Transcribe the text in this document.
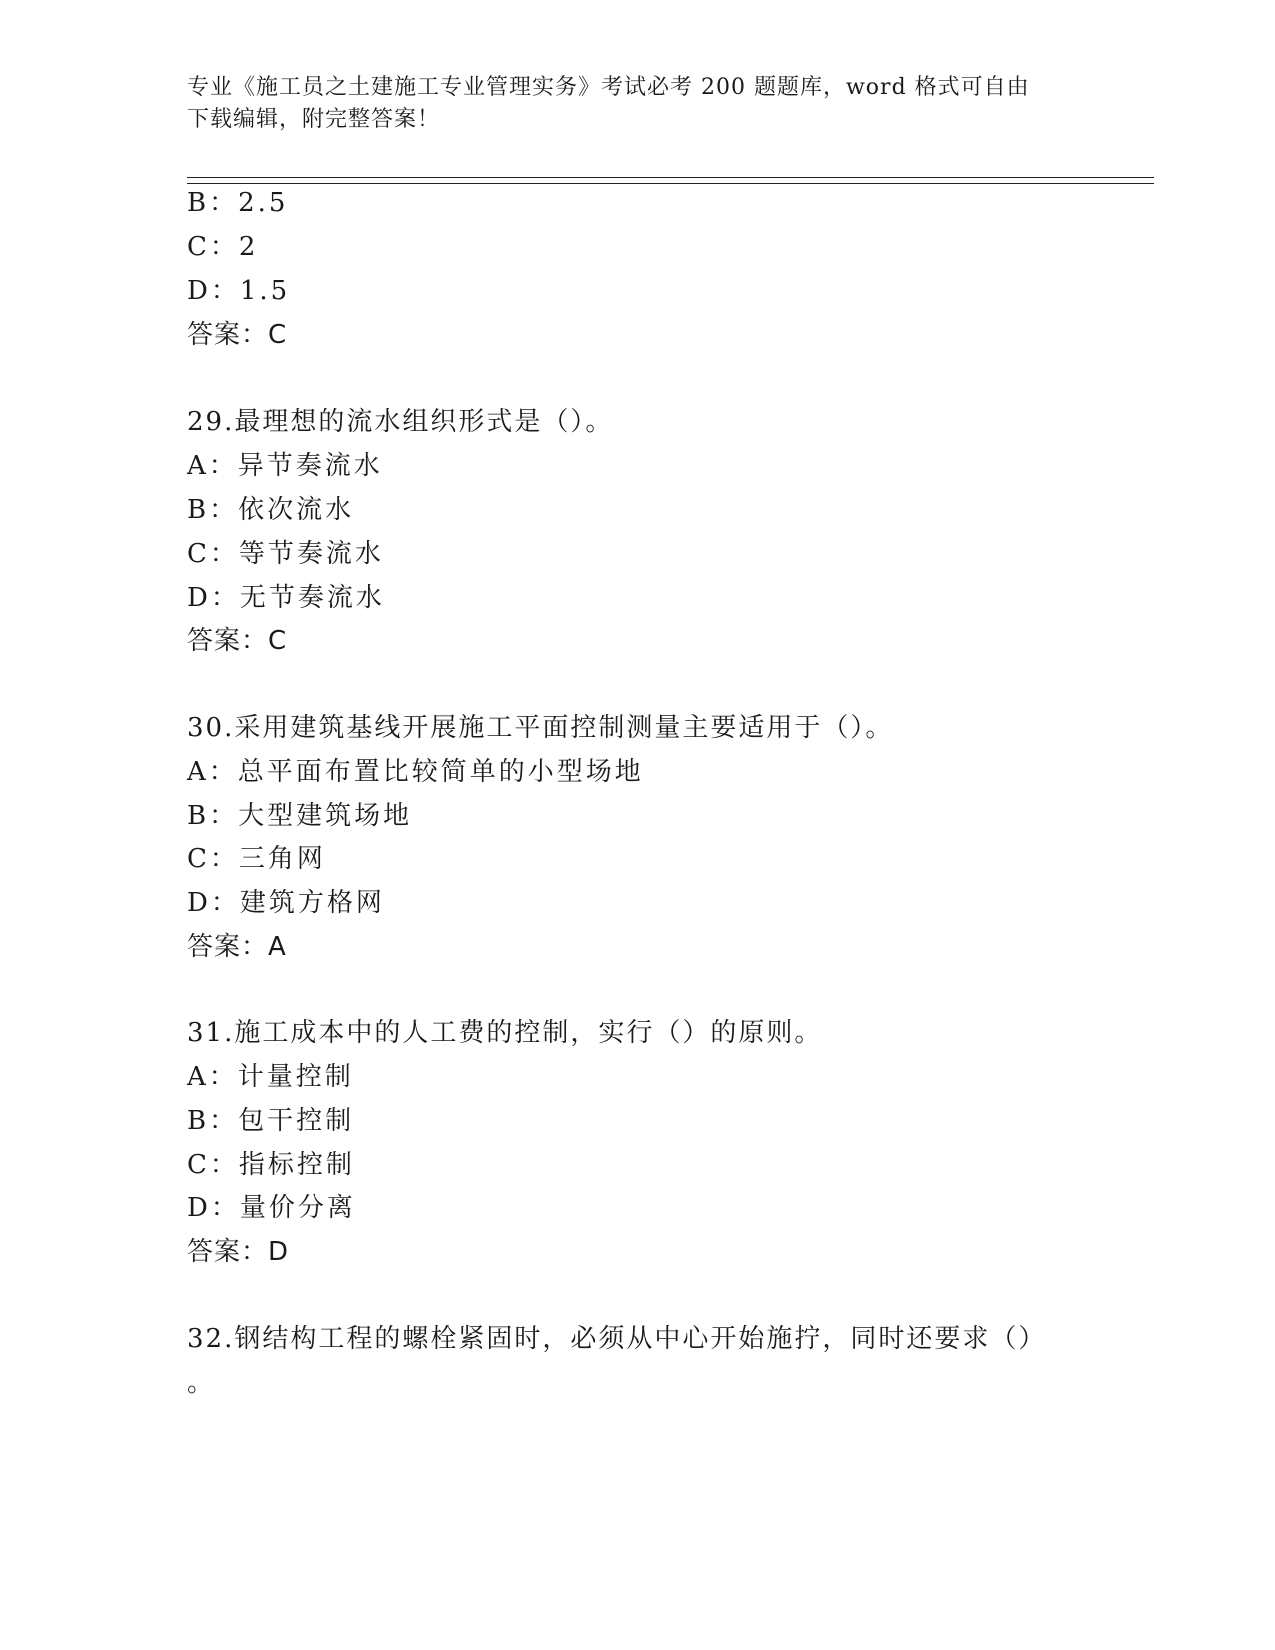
专业《施工员之土建施工专业管理实务》考试必考 200 题题库，word 格式可自由
下载编辑，附完整答案！
B：2.5
C：2
D：1.5
答案：C
29.最理想的流水组织形式是（）。
A：异节奏流水
B：依次流水
C：等节奏流水
D：无节奏流水
答案：C
30.采用建筑基线开展施工平面控制测量主要适用于（）。
A：总平面布置比较简单的小型场地
B：大型建筑场地
C：三角网
D：建筑方格网
答案：A
31.施工成本中的人工费的控制，实行（）的原则。
A：计量控制
B：包干控制
C：指标控制
D：量价分离
答案：D
32.钢结构工程的螺栓紧固时，必须从中心开始施拧，同时还要求（）
。
